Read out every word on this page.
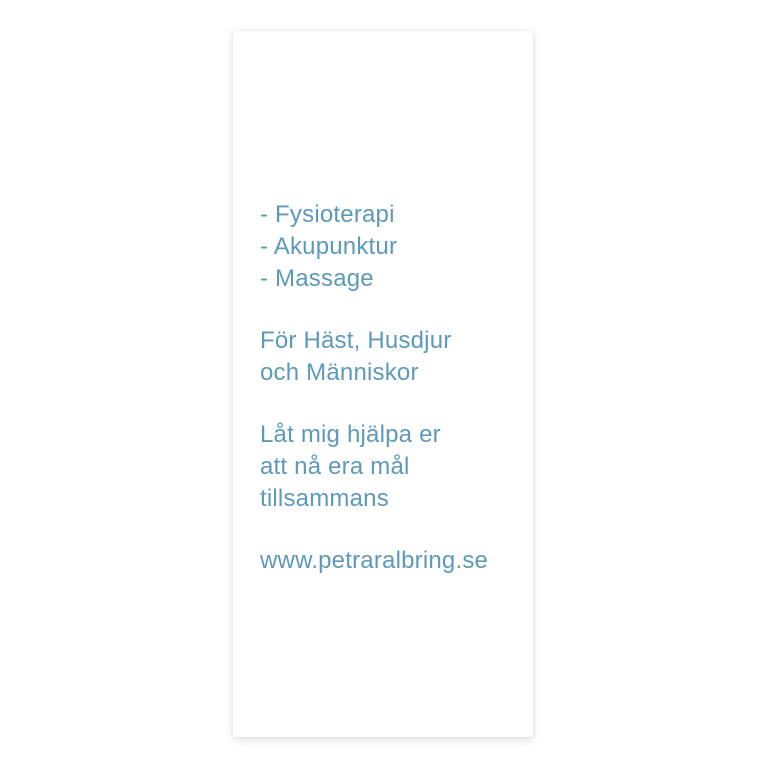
- Fysioterapi
- Akupunktur
- Massage

För Häst, Husdjur
och Människor

Låt mig hjälpa er
att nå era mål
tillsammans

www.petraralbring.se
